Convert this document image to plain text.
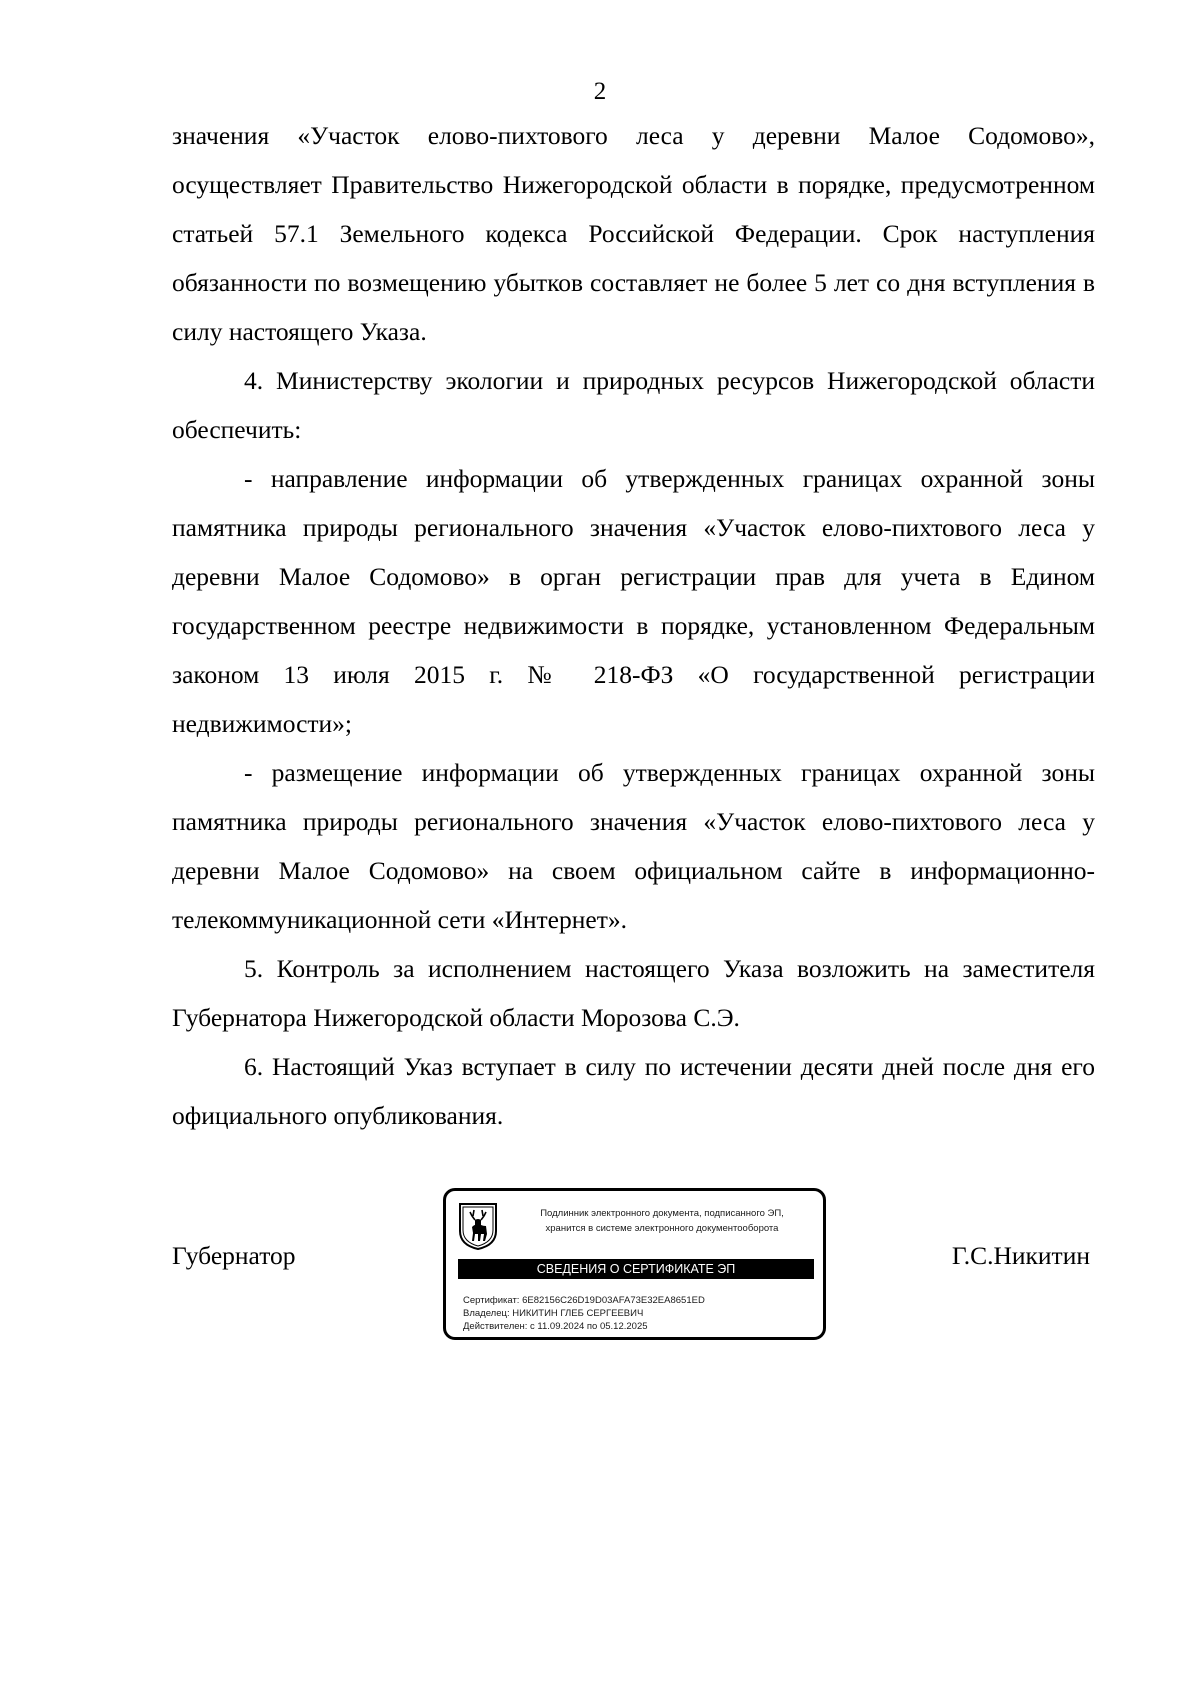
2

значения «Участок елово-пихтового леса у деревни Малое Содомово», осуществляет Правительство Нижегородской области в порядке, предусмотренном статьей 57.1 Земельного кодекса Российской Федерации. Срок наступления обязанности по возмещению убытков составляет не более 5 лет со дня вступления в силу настоящего Указа.

4. Министерству экологии и природных ресурсов Нижегородской области обеспечить:

- направление информации об утвержденных границах охранной зоны памятника природы регионального значения «Участок елово-пихтового леса у деревни Малое Содомово» в орган регистрации прав для учета в Едином государственном реестре недвижимости в порядке, установленном Федеральным законом 13 июля 2015 г. № 218-ФЗ «О государственной регистрации недвижимости»;

- размещение информации об утвержденных границах охранной зоны памятника природы регионального значения «Участок елово-пихтового леса у деревни Малое Содомово» на своем официальном сайте в информационно-телекоммуникационной сети «Интернет».

5. Контроль за исполнением настоящего Указа возложить на заместителя Губернатора Нижегородской области Морозова С.Э.

6. Настоящий Указ вступает в силу по истечении десяти дней после дня его официального опубликования.

Губернатор
Подлинник электронного документа, подписанного ЭП,
хранится в системе электронного документооборота
СВЕДЕНИЯ О СЕРТИФИКАТЕ ЭП
Сертификат: 6E82156C26D19D03AFA73E32EA8651ED
Владелец: НИКИТИН ГЛЕБ СЕРГЕЕВИЧ
Действителен: с 11.09.2024 по 05.12.2025
Г.С.Никитин
